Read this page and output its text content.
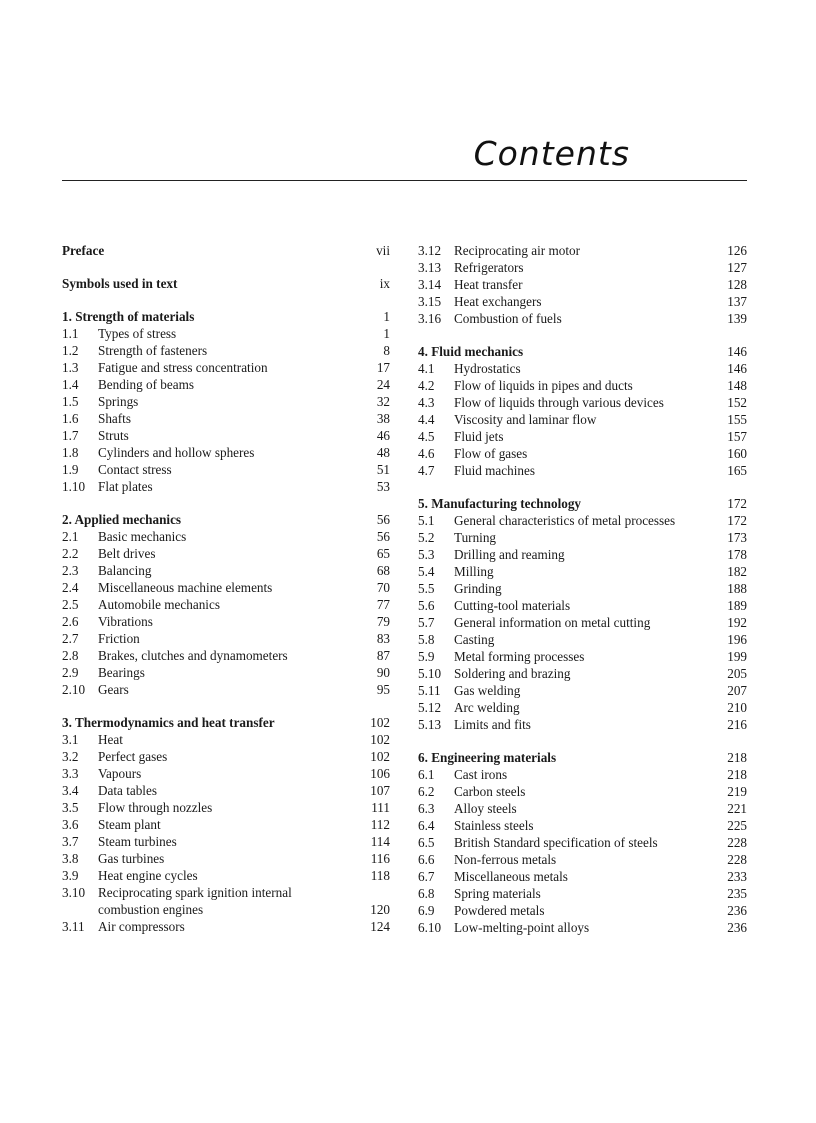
Contents
Preface	vii
Symbols used in text	ix
1. Strength of materials	1
1.1 Types of stress	1
1.2 Strength of fasteners	8
1.3 Fatigue and stress concentration	17
1.4 Bending of beams	24
1.5 Springs	32
1.6 Shafts	38
1.7 Struts	46
1.8 Cylinders and hollow spheres	48
1.9 Contact stress	51
1.10 Flat plates	53
2. Applied mechanics	56
2.1 Basic mechanics	56
2.2 Belt drives	65
2.3 Balancing	68
2.4 Miscellaneous machine elements	70
2.5 Automobile mechanics	77
2.6 Vibrations	79
2.7 Friction	83
2.8 Brakes, clutches and dynamometers	87
2.9 Bearings	90
2.10 Gears	95
3. Thermodynamics and heat transfer	102
3.1 Heat	102
3.2 Perfect gases	102
3.3 Vapours	106
3.4 Data tables	107
3.5 Flow through nozzles	111
3.6 Steam plant	112
3.7 Steam turbines	114
3.8 Gas turbines	116
3.9 Heat engine cycles	118
3.10 Reciprocating spark ignition internal
combustion engines	120
3.11 Air compressors	124
3.12 Reciprocating air motor	126
3.13 Refrigerators	127
3.14 Heat transfer	128
3.15 Heat exchangers	137
3.16 Combustion of fuels	139
4. Fluid mechanics	146
4.1 Hydrostatics	146
4.2 Flow of liquids in pipes and ducts	148
4.3 Flow of liquids through various devices	152
4.4 Viscosity and laminar flow	155
4.5 Fluid jets	157
4.6 Flow of gases	160
4.7 Fluid machines	165
5. Manufacturing technology	172
5.1 General characteristics of metal processes	172
5.2 Turning	173
5.3 Drilling and reaming	178
5.4 Milling	182
5.5 Grinding	188
5.6 Cutting-tool materials	189
5.7 General information on metal cutting	192
5.8 Casting	196
5.9 Metal forming processes	199
5.10 Soldering and brazing	205
5.11 Gas welding	207
5.12 Arc welding	210
5.13 Limits and fits	216
6. Engineering materials	218
6.1 Cast irons	218
6.2 Carbon steels	219
6.3 Alloy steels	221
6.4 Stainless steels	225
6.5 British Standard specification of steels	228
6.6 Non-ferrous metals	228
6.7 Miscellaneous metals	233
6.8 Spring materials	235
6.9 Powdered metals	236
6.10 Low-melting-point alloys	236
